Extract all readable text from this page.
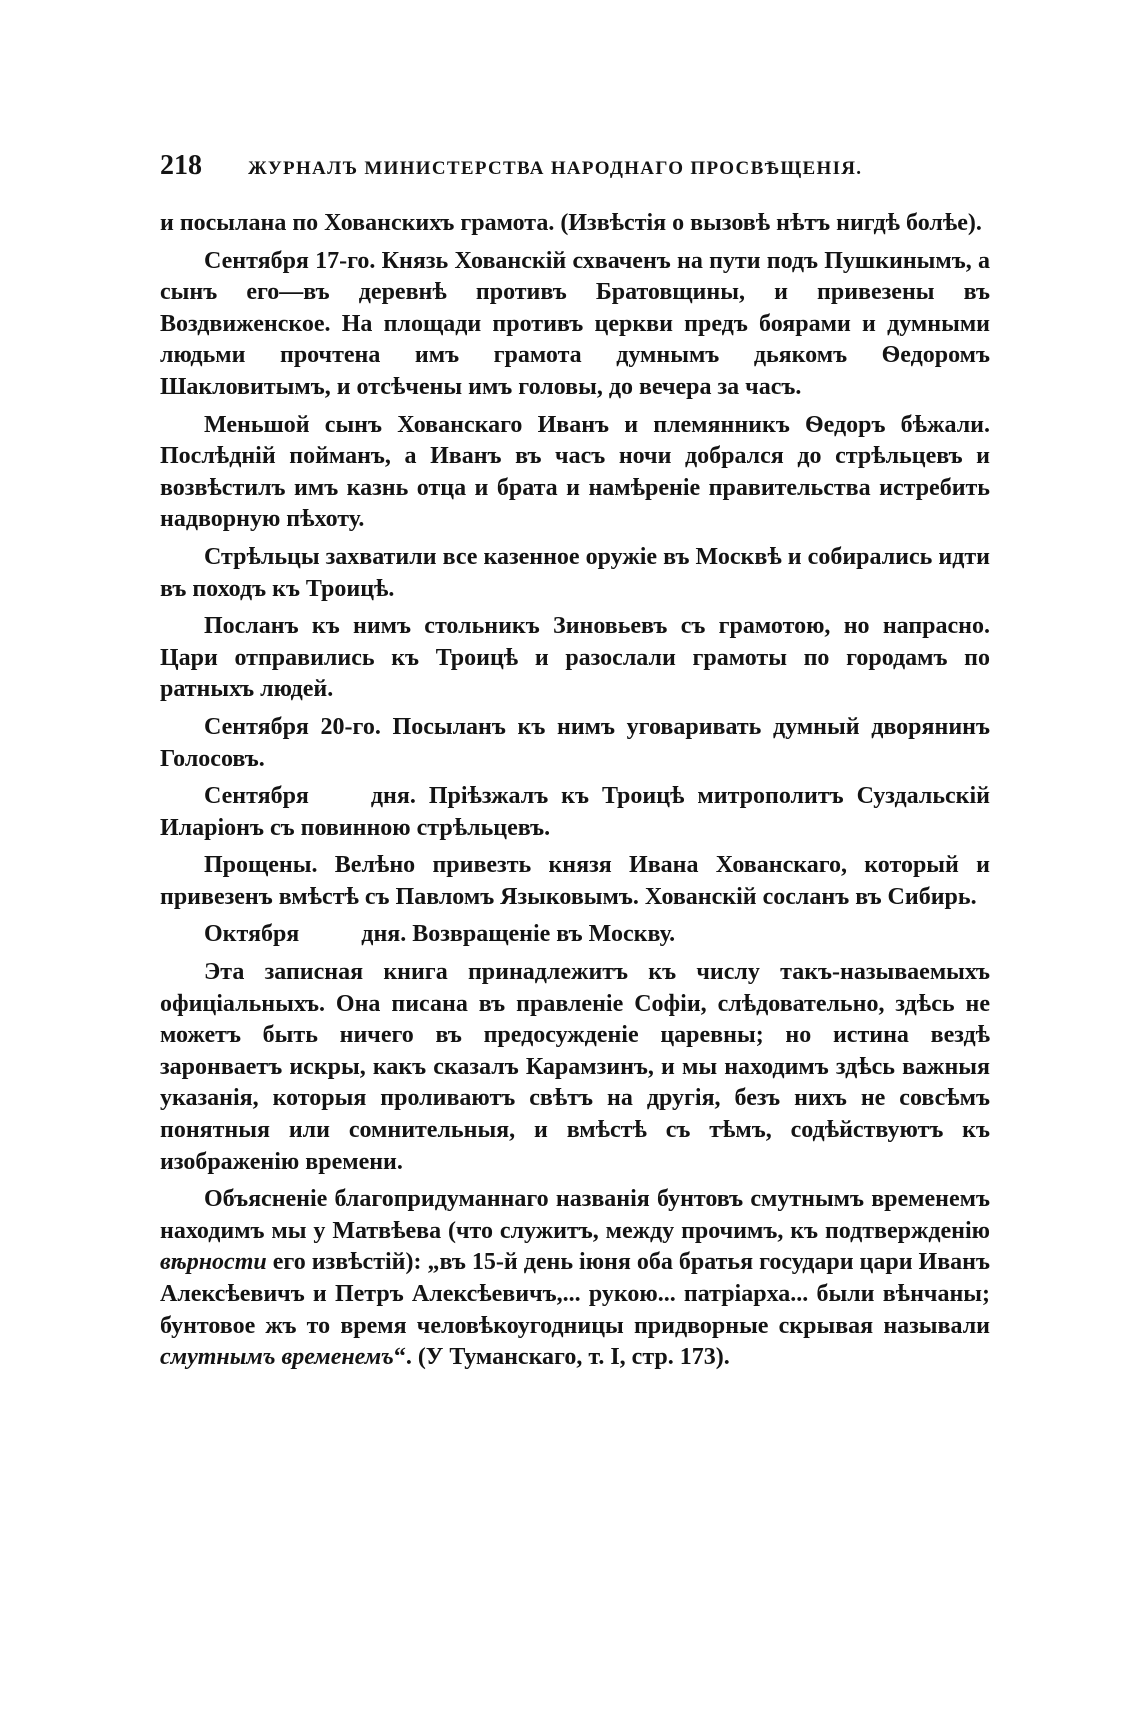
218 ЖУРНАЛЪ МИНИСТЕРСТВА НАРОДНАГО ПРОСВѢЩЕНІЯ.

и посылана по Хованскихъ грамота. (Извѣстія о вызовѣ нѣтъ нигдѣ болѣе).

Сентября 17-го. Князь Хованскій схваченъ на пути подъ Пушкинымъ, а сынъ его—въ деревнѣ противъ Братовщины, и привезены въ Воздвиженское. На площади противъ церкви предъ боярами и думными людьми прочтена имъ грамота думнымъ дьякомъ Ѳедоромъ Шакловитымъ, и отсѣчены имъ головы, до вечера за часъ.

Меньшой сынъ Хованскаго Иванъ и племянникъ Ѳедоръ бѣжали. Послѣдній пойманъ, а Иванъ въ часъ ночи добрался до стрѣльцевъ и возвѣстилъ имъ казнь отца и брата и намѣреніе правительства истребить надворную пѣхоту.

Стрѣльцы захватили все казенное оружіе въ Москвѣ и собирались идти въ походъ къ Троицѣ.

Посланъ къ нимъ стольникъ Зиновьевъ съ грамотою, но напрасно. Цари отправились къ Троицѣ и разослали грамоты по городамъ по ратныхъ людей.

Сентября 20-го. Посыланъ къ нимъ уговаривать думный дворянинъ Голосовъ.

Сентября	дня. Пріѣзжалъ къ Троицѣ митрополитъ Суздальскій Иларіонъ съ повинною стрѣльцевъ.

Прощены. Велѣно привезть князя Ивана Хованскаго, который и привезенъ вмѣстѣ съ Павломъ Языковымъ. Хованскій сосланъ въ Сибирь.

Октября	дня. Возвращеніе въ Москву.

Эта записная книга принадлежитъ къ числу такъ-называемыхъ офиціальныхъ. Она писана въ правленіе Софіи, слѣдовательно, здѣсь не можетъ быть ничего въ предосужденіе царевны; но истина вездѣ заронваетъ искры, какъ сказалъ Карамзинъ, и мы находимъ здѣсь важныя указанія, которыя проливаютъ свѣтъ на другія, безъ нихъ не совсѣмъ понятныя или сомнительныя, и вмѣстѣ съ тѣмъ, содѣйствуютъ къ изображенію времени.

Объясненіе благопридуманнаго названія бунтовъ смутнымъ временемъ находимъ мы у Матвѣева (что служитъ, между прочимъ, къ подтвержденію вѣрности его извѣстій): „въ 15-й день іюня оба братья государи цари Иванъ Алексѣевичъ и Петръ Алексѣевичъ,... рукою... патріарха... были вѣнчаны; бунтовое жъ то время человѣкоугодницы придворные скрывая называли смутнымъ временемъ“. (У Туманскаго, т. I, стр. 173).
